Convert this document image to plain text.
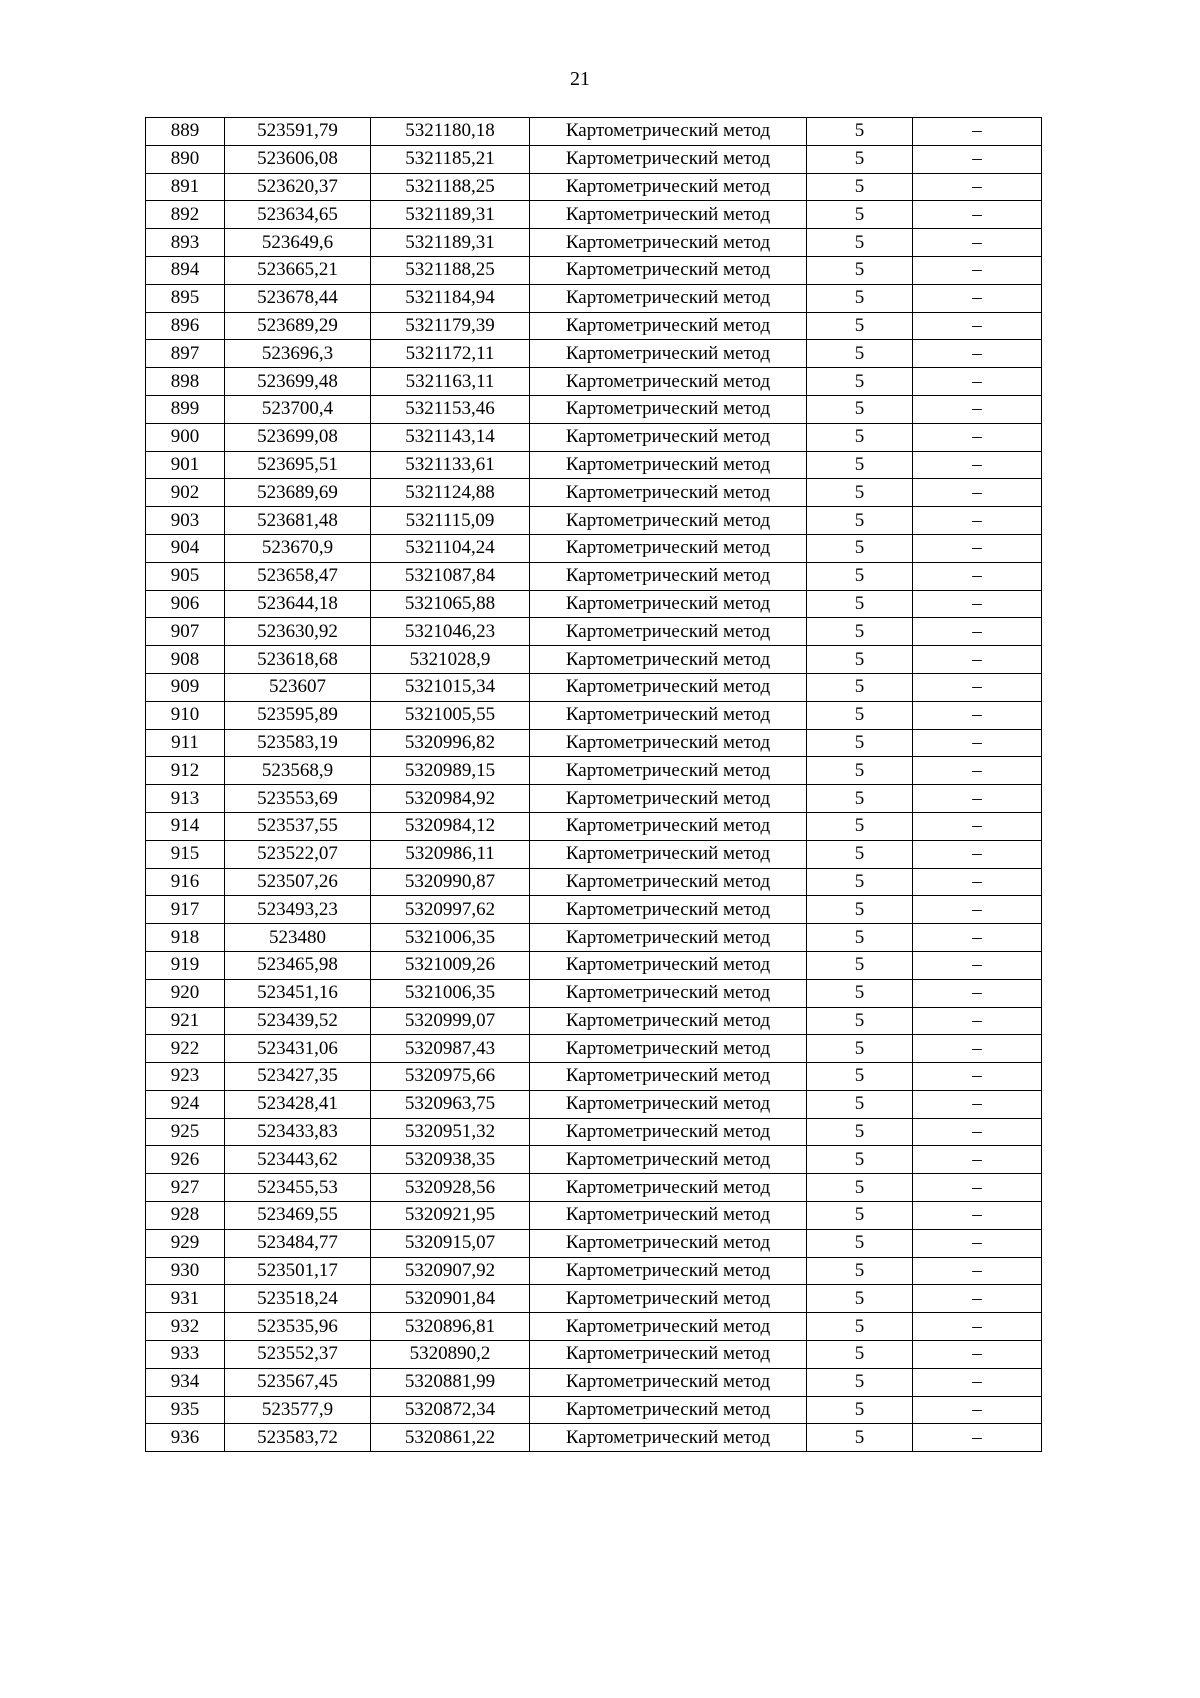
21
889	523591,79	5321180,18	Картометрический метод	5	–
890	523606,08	5321185,21	Картометрический метод	5	–
891	523620,37	5321188,25	Картометрический метод	5	–
892	523634,65	5321189,31	Картометрический метод	5	–
893	523649,6	5321189,31	Картометрический метод	5	–
894	523665,21	5321188,25	Картометрический метод	5	–
895	523678,44	5321184,94	Картометрический метод	5	–
896	523689,29	5321179,39	Картометрический метод	5	–
897	523696,3	5321172,11	Картометрический метод	5	–
898	523699,48	5321163,11	Картометрический метод	5	–
899	523700,4	5321153,46	Картометрический метод	5	–
900	523699,08	5321143,14	Картометрический метод	5	–
901	523695,51	5321133,61	Картометрический метод	5	–
902	523689,69	5321124,88	Картометрический метод	5	–
903	523681,48	5321115,09	Картометрический метод	5	–
904	523670,9	5321104,24	Картометрический метод	5	–
905	523658,47	5321087,84	Картометрический метод	5	–
906	523644,18	5321065,88	Картометрический метод	5	–
907	523630,92	5321046,23	Картометрический метод	5	–
908	523618,68	5321028,9	Картометрический метод	5	–
909	523607	5321015,34	Картометрический метод	5	–
910	523595,89	5321005,55	Картометрический метод	5	–
911	523583,19	5320996,82	Картометрический метод	5	–
912	523568,9	5320989,15	Картометрический метод	5	–
913	523553,69	5320984,92	Картометрический метод	5	–
914	523537,55	5320984,12	Картометрический метод	5	–
915	523522,07	5320986,11	Картометрический метод	5	–
916	523507,26	5320990,87	Картометрический метод	5	–
917	523493,23	5320997,62	Картометрический метод	5	–
918	523480	5321006,35	Картометрический метод	5	–
919	523465,98	5321009,26	Картометрический метод	5	–
920	523451,16	5321006,35	Картометрический метод	5	–
921	523439,52	5320999,07	Картометрический метод	5	–
922	523431,06	5320987,43	Картометрический метод	5	–
923	523427,35	5320975,66	Картометрический метод	5	–
924	523428,41	5320963,75	Картометрический метод	5	–
925	523433,83	5320951,32	Картометрический метод	5	–
926	523443,62	5320938,35	Картометрический метод	5	–
927	523455,53	5320928,56	Картометрический метод	5	–
928	523469,55	5320921,95	Картометрический метод	5	–
929	523484,77	5320915,07	Картометрический метод	5	–
930	523501,17	5320907,92	Картометрический метод	5	–
931	523518,24	5320901,84	Картометрический метод	5	–
932	523535,96	5320896,81	Картометрический метод	5	–
933	523552,37	5320890,2	Картометрический метод	5	–
934	523567,45	5320881,99	Картометрический метод	5	–
935	523577,9	5320872,34	Картометрический метод	5	–
936	523583,72	5320861,22	Картометрический метод	5	–
